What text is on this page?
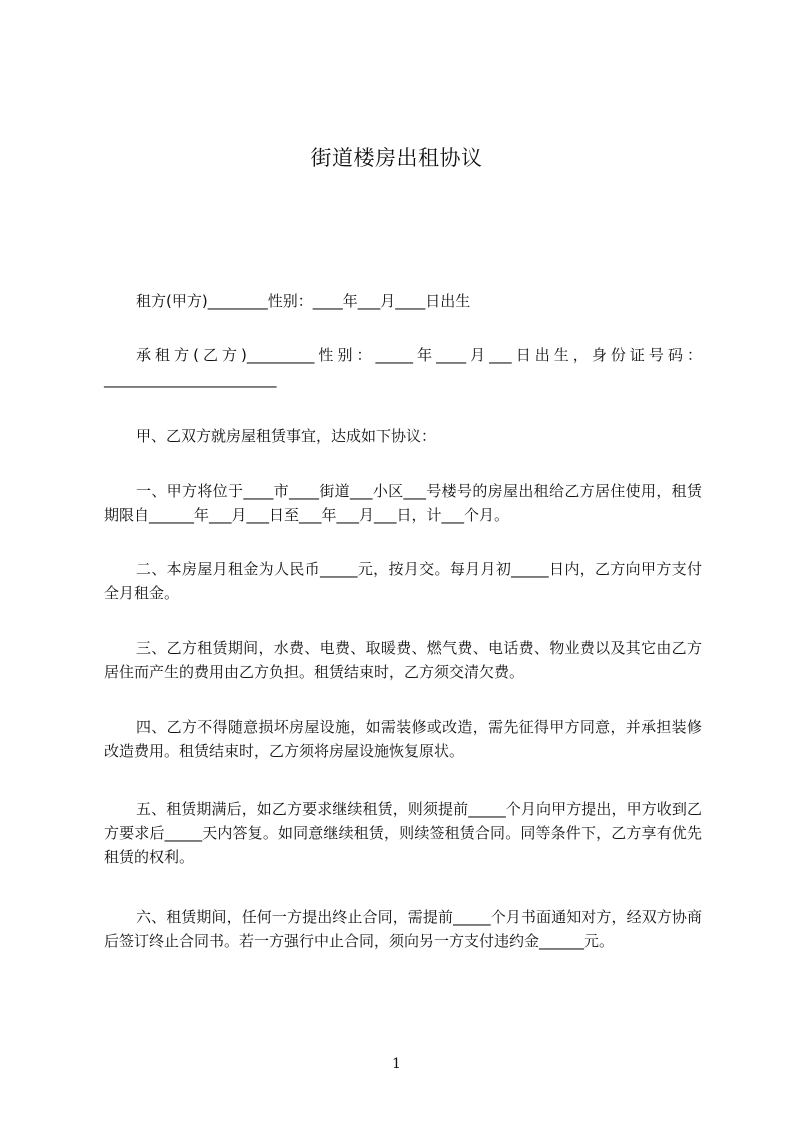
街道楼房出租协议
租方(甲方)________性别：____年___月____日出生
承租方(乙方)_________性别：_____年____月___日出生，身份证号码：_______________________
甲、乙双方就房屋租赁事宜，达成如下协议：
一、甲方将位于____市____街道___小区___号楼号的房屋出租给乙方居住使用，租赁期限自______年___月___日至___年___月___日，计___个月。
二、本房屋月租金为人民币_____元，按月交。每月月初_____日内，乙方向甲方支付全月租金。
三、乙方租赁期间，水费、电费、取暖费、燃气费、电话费、物业费以及其它由乙方居住而产生的费用由乙方负担。租赁结束时，乙方须交清欠费。
四、乙方不得随意损坏房屋设施，如需装修或改造，需先征得甲方同意，并承担装修改造费用。租赁结束时，乙方须将房屋设施恢复原状。
五、租赁期满后，如乙方要求继续租赁，则须提前_____个月向甲方提出，甲方收到乙方要求后_____天内答复。如同意继续租赁，则续签租赁合同。同等条件下，乙方享有优先租赁的权利。
六、租赁期间，任何一方提出终止合同，需提前_____个月书面通知对方，经双方协商后签订终止合同书。若一方强行中止合同，须向另一方支付违约金______元。
1
